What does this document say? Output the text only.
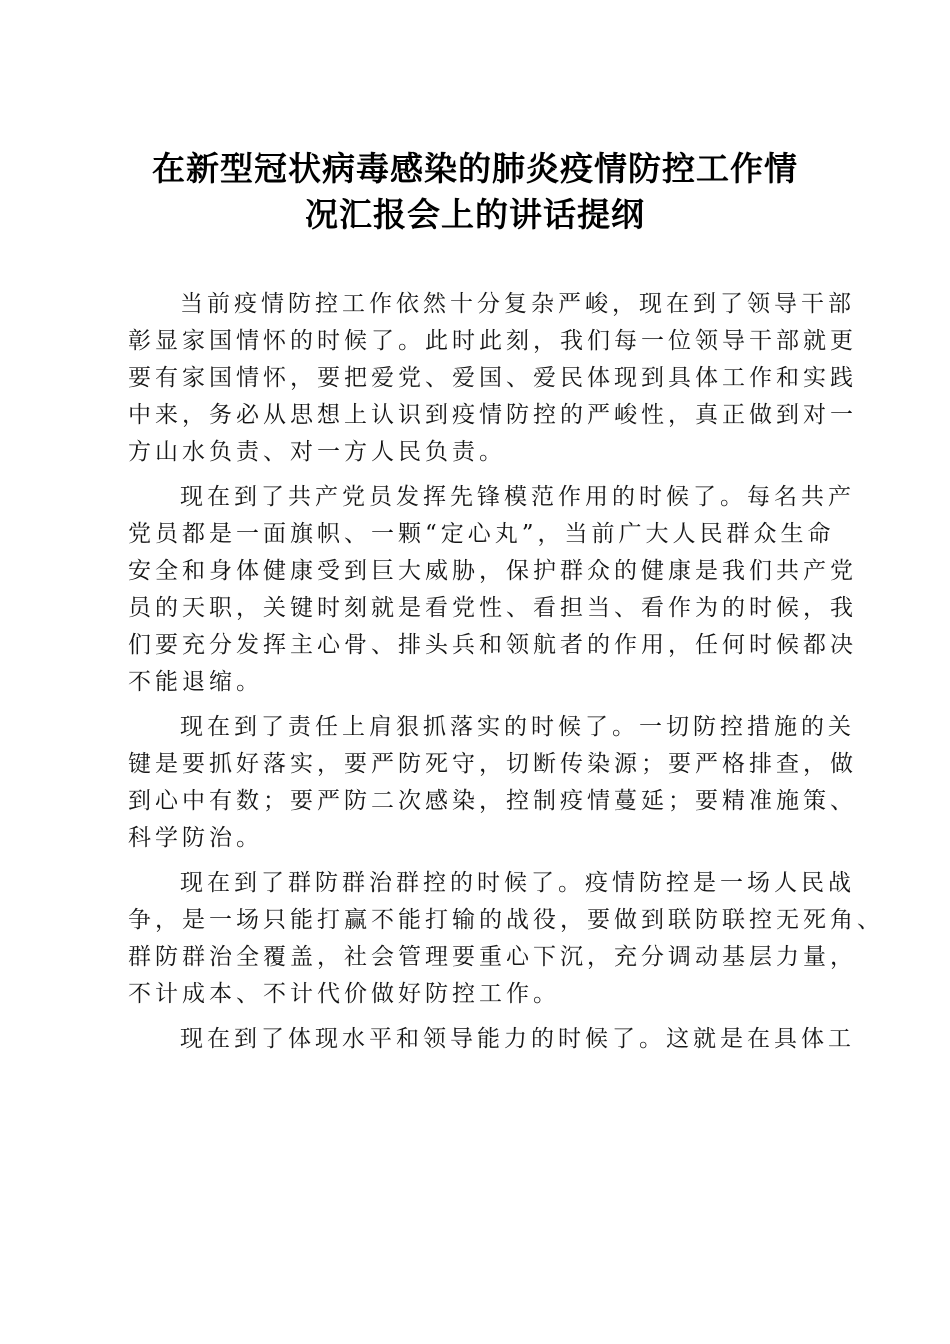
在新型冠状病毒感染的肺炎疫情防控工作情
况汇报会上的讲话提纲

当前疫情防控工作依然十分复杂严峻，现在到了领导干部
彰显家国情怀的时候了。此时此刻，我们每一位领导干部就更
要有家国情怀，要把爱党、爱国、爱民体现到具体工作和实践
中来，务必从思想上认识到疫情防控的严峻性，真正做到对一
方山水负责、对一方人民负责。

现在到了共产党员发挥先锋模范作用的时候了。每名共产
党员都是一面旗帜、一颗“定心丸”，当前广大人民群众生命
安全和身体健康受到巨大威胁，保护群众的健康是我们共产党
员的天职，关键时刻就是看党性、看担当、看作为的时候，我
们要充分发挥主心骨、排头兵和领航者的作用，任何时候都决
不能退缩。

现在到了责任上肩狠抓落实的时候了。一切防控措施的关
键是要抓好落实，要严防死守，切断传染源；要严格排查，做
到心中有数；要严防二次感染，控制疫情蔓延；要精准施策、
科学防治。

现在到了群防群治群控的时候了。疫情防控是一场人民战
争，是一场只能打赢不能打输的战役，要做到联防联控无死角、
群防群治全覆盖，社会管理要重心下沉，充分调动基层力量，
不计成本、不计代价做好防控工作。

现在到了体现水平和领导能力的时候了。这就是在具体工
